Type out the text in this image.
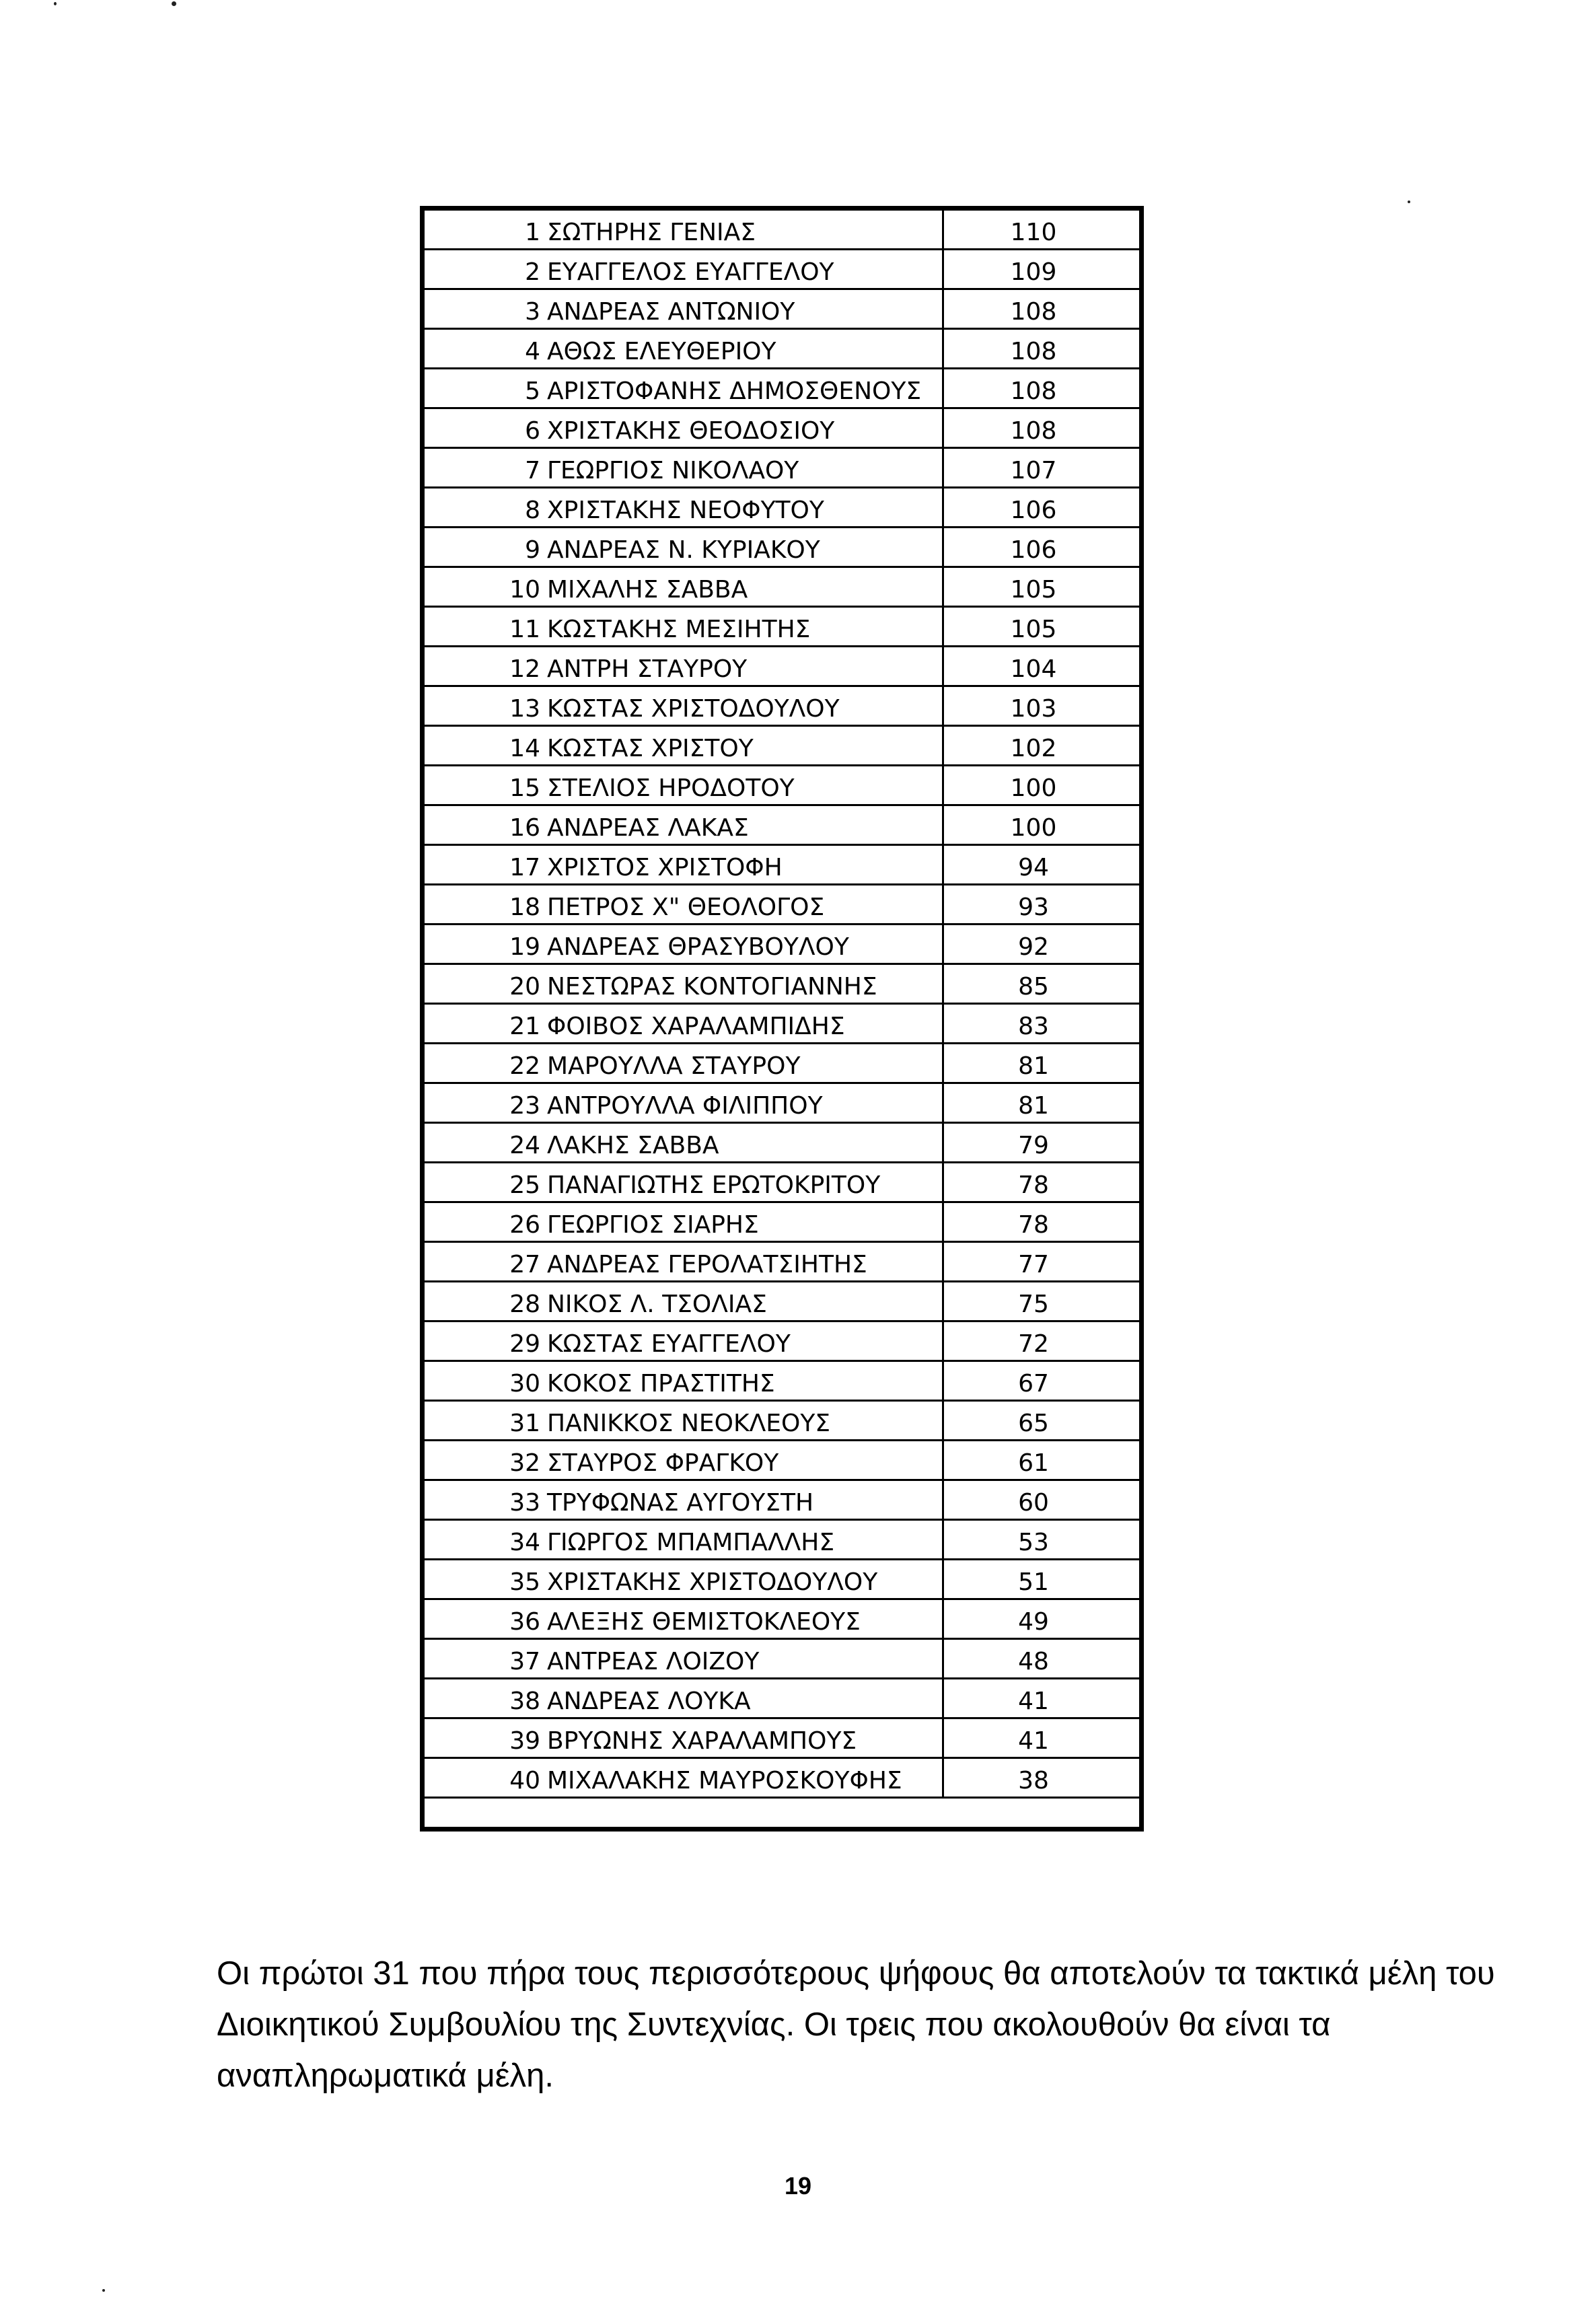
1 ΣΩΤΗΡΗΣ ΓΕΝΙΑΣ	110
2 ΕΥΑΓΓΕΛΟΣ ΕΥΑΓΓΕΛΟΥ	109
3 ΑΝΔΡΕΑΣ ΑΝΤΩΝΙΟΥ	108
4 ΑΘΩΣ ΕΛΕΥΘΕΡΙΟΥ	108
5 ΑΡΙΣΤΟΦΑΝΗΣ ΔΗΜΟΣΘΕΝΟΥΣ	108
6 ΧΡΙΣΤΑΚΗΣ ΘΕΟΔΟΣΙΟΥ	108
7 ΓΕΩΡΓΙΟΣ ΝΙΚΟΛΑΟΥ	107
8 ΧΡΙΣΤΑΚΗΣ ΝΕΟΦΥΤΟΥ	106
9 ΑΝΔΡΕΑΣ Ν. ΚΥΡΙΑΚΟΥ	106
10 ΜΙΧΑΛΗΣ ΣΑΒΒΑ	105
11 ΚΩΣΤΑΚΗΣ ΜΕΣΙΗΤΗΣ	105
12 ΑΝΤΡΗ ΣΤΑΥΡΟΥ	104
13 ΚΩΣΤΑΣ ΧΡΙΣΤΟΔΟΥΛΟΥ	103
14 ΚΩΣΤΑΣ ΧΡΙΣΤΟΥ	102
15 ΣΤΕΛΙΟΣ ΗΡΟΔΟΤΟΥ	100
16 ΑΝΔΡΕΑΣ ΛΑΚΑΣ	100
17 ΧΡΙΣΤΟΣ ΧΡΙΣΤΟΦΗ	94
18 ΠΕΤΡΟΣ Χ" ΘΕΟΛΟΓΟΣ	93
19 ΑΝΔΡΕΑΣ ΘΡΑΣΥΒΟΥΛΟΥ	92
20 ΝΕΣΤΩΡΑΣ ΚΟΝΤΟΓΙΑΝΝΗΣ	85
21 ΦΟΙΒΟΣ ΧΑΡΑΛΑΜΠΙΔΗΣ	83
22 ΜΑΡΟΥΛΛΑ ΣΤΑΥΡΟΥ	81
23 ΑΝΤΡΟΥΛΛΑ ΦΙΛΙΠΠΟΥ	81
24 ΛΑΚΗΣ ΣΑΒΒΑ	79
25 ΠΑΝΑΓΙΩΤΗΣ ΕΡΩΤΟΚΡΙΤΟΥ	78
26 ΓΕΩΡΓΙΟΣ ΣΙΑΡΗΣ	78
27 ΑΝΔΡΕΑΣ ΓΕΡΟΛΑΤΣΙΗΤΗΣ	77
28 ΝΙΚΟΣ Λ. ΤΣΟΛΙΑΣ	75
29 ΚΩΣΤΑΣ ΕΥΑΓΓΕΛΟΥ	72
30 ΚΟΚΟΣ ΠΡΑΣΤΙΤΗΣ	67
31 ΠΑΝΙΚΚΟΣ ΝΕΟΚΛΕΟΥΣ	65
32 ΣΤΑΥΡΟΣ ΦΡΑΓΚΟΥ	61
33 ΤΡΥΦΩΝΑΣ ΑΥΓΟΥΣΤΗ	60
34 ΓΙΩΡΓΟΣ ΜΠΑΜΠΑΛΛΗΣ	53
35 ΧΡΙΣΤΑΚΗΣ ΧΡΙΣΤΟΔΟΥΛΟΥ	51
36 ΑΛΕΞΗΣ ΘΕΜΙΣΤΟΚΛΕΟΥΣ	49
37 ΑΝΤΡΕΑΣ ΛΟΙΖΟΥ	48
38 ΑΝΔΡΕΑΣ ΛΟΥΚΑ	41
39 ΒΡΥΩΝΗΣ ΧΑΡΑΛΑΜΠΟΥΣ	41
40 ΜΙΧΑΛΑΚΗΣ ΜΑΥΡΟΣΚΟΥΦΗΣ	38

Οι πρώτοι 31 που πήρα τους περισσότερους ψήφους θα αποτελούν τα τακτικά μέλη του Διοικητικού Συμβουλίου της Συντεχνίας. Οι τρεις που ακολουθούν θα είναι τα αναπληρωματικά μέλη.

19
